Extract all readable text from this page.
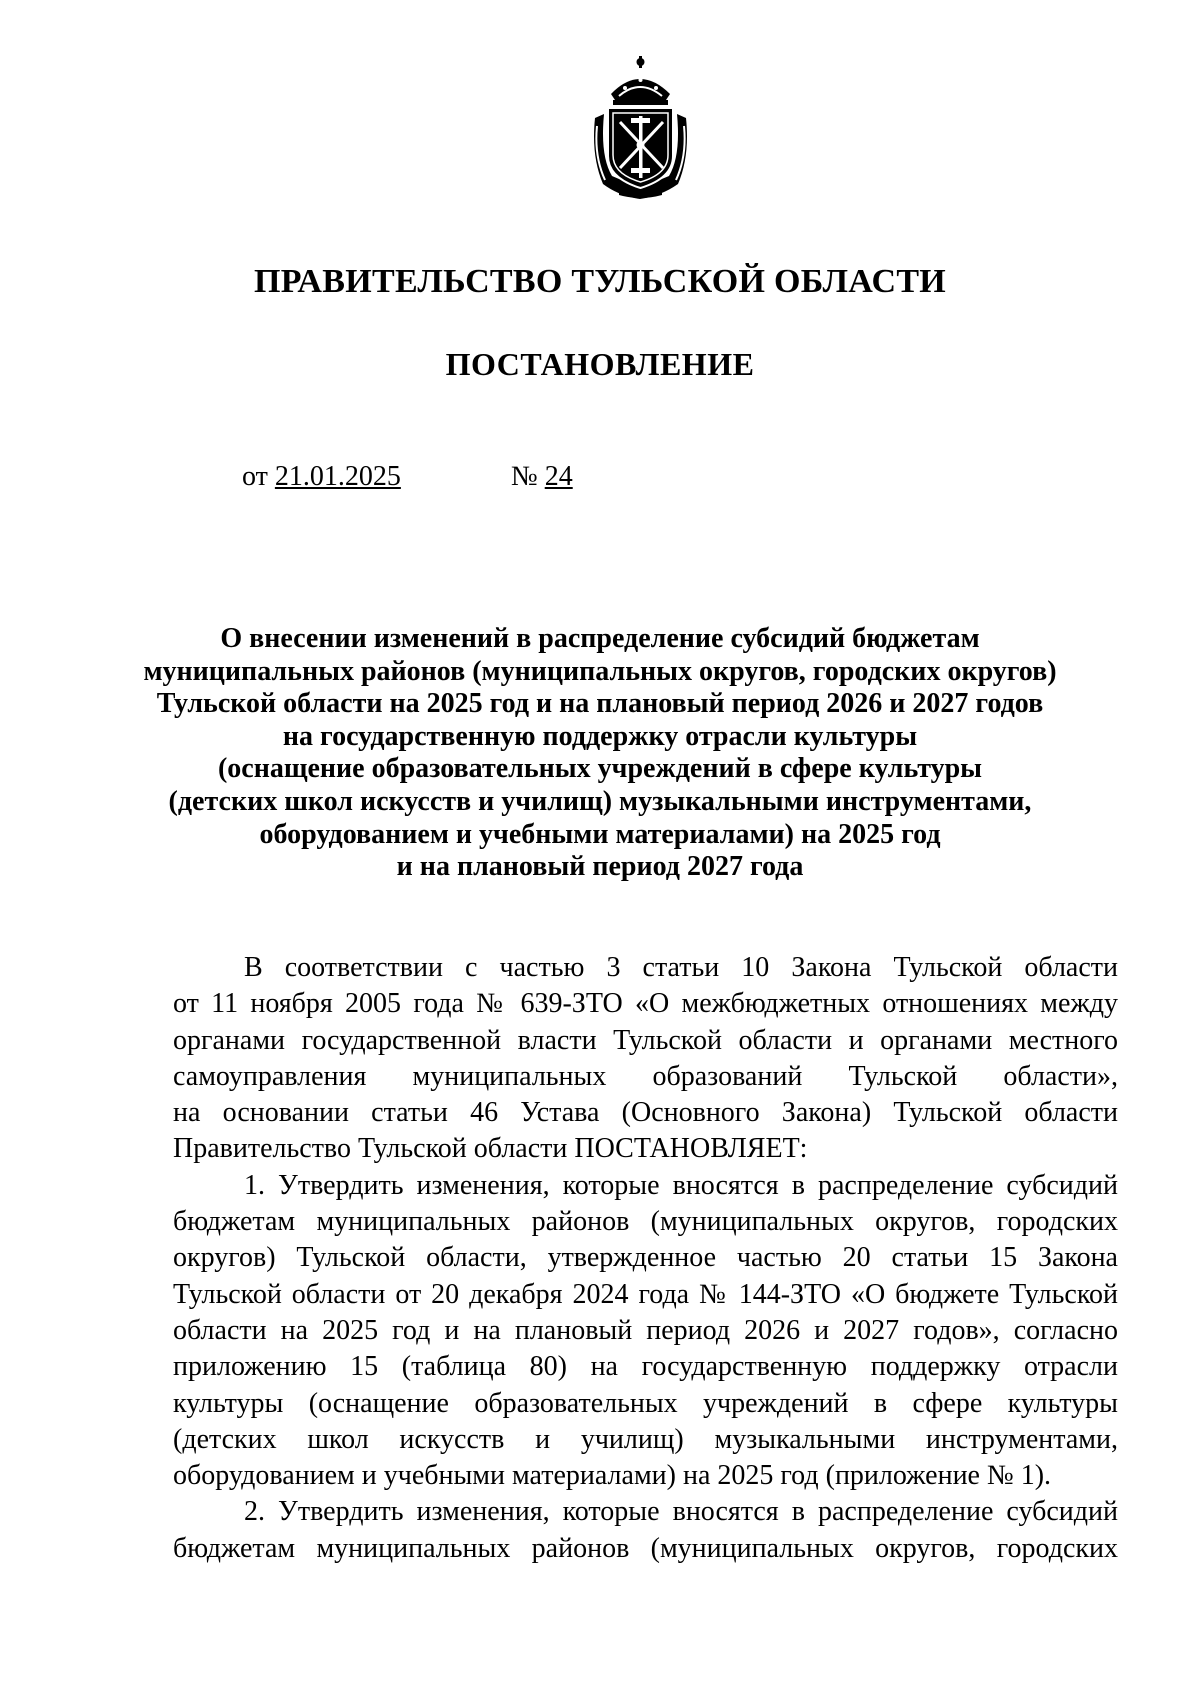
ПРАВИТЕЛЬСТВО ТУЛЬСКОЙ ОБЛАСТИ
ПОСТАНОВЛЕНИЕ
от 21.01.2025	№ 24
О внесении изменений в распределение субсидий бюджетам
муниципальных районов (муниципальных округов, городских округов)
Тульской области на 2025 год и на плановый период 2026 и 2027 годов
на государственную поддержку отрасли культуры
(оснащение образовательных учреждений в сфере культуры
(детских школ искусств и училищ) музыкальными инструментами,
оборудованием и учебными материалами) на 2025 год
и на плановый период 2027 года
В соответствии с частью 3 статьи 10 Закона Тульской области
от 11 ноября 2005 года № 639-ЗТО «О межбюджетных отношениях между
органами государственной власти Тульской области и органами местного
самоуправления муниципальных образований Тульской области»,
на основании статьи 46 Устава (Основного Закона) Тульской области
Правительство Тульской области ПОСТАНОВЛЯЕТ:
1. Утвердить изменения, которые вносятся в распределение субсидий
бюджетам муниципальных районов (муниципальных округов, городских
округов) Тульской области, утвержденное частью 20 статьи 15 Закона
Тульской области от 20 декабря 2024 года № 144-ЗТО «О бюджете Тульской
области на 2025 год и на плановый период 2026 и 2027 годов», согласно
приложению 15 (таблица 80) на государственную поддержку отрасли
культуры (оснащение образовательных учреждений в сфере культуры
(детских школ искусств и училищ) музыкальными инструментами,
оборудованием и учебными материалами) на 2025 год (приложение № 1).
2. Утвердить изменения, которые вносятся в распределение субсидий
бюджетам муниципальных районов (муниципальных округов, городских
